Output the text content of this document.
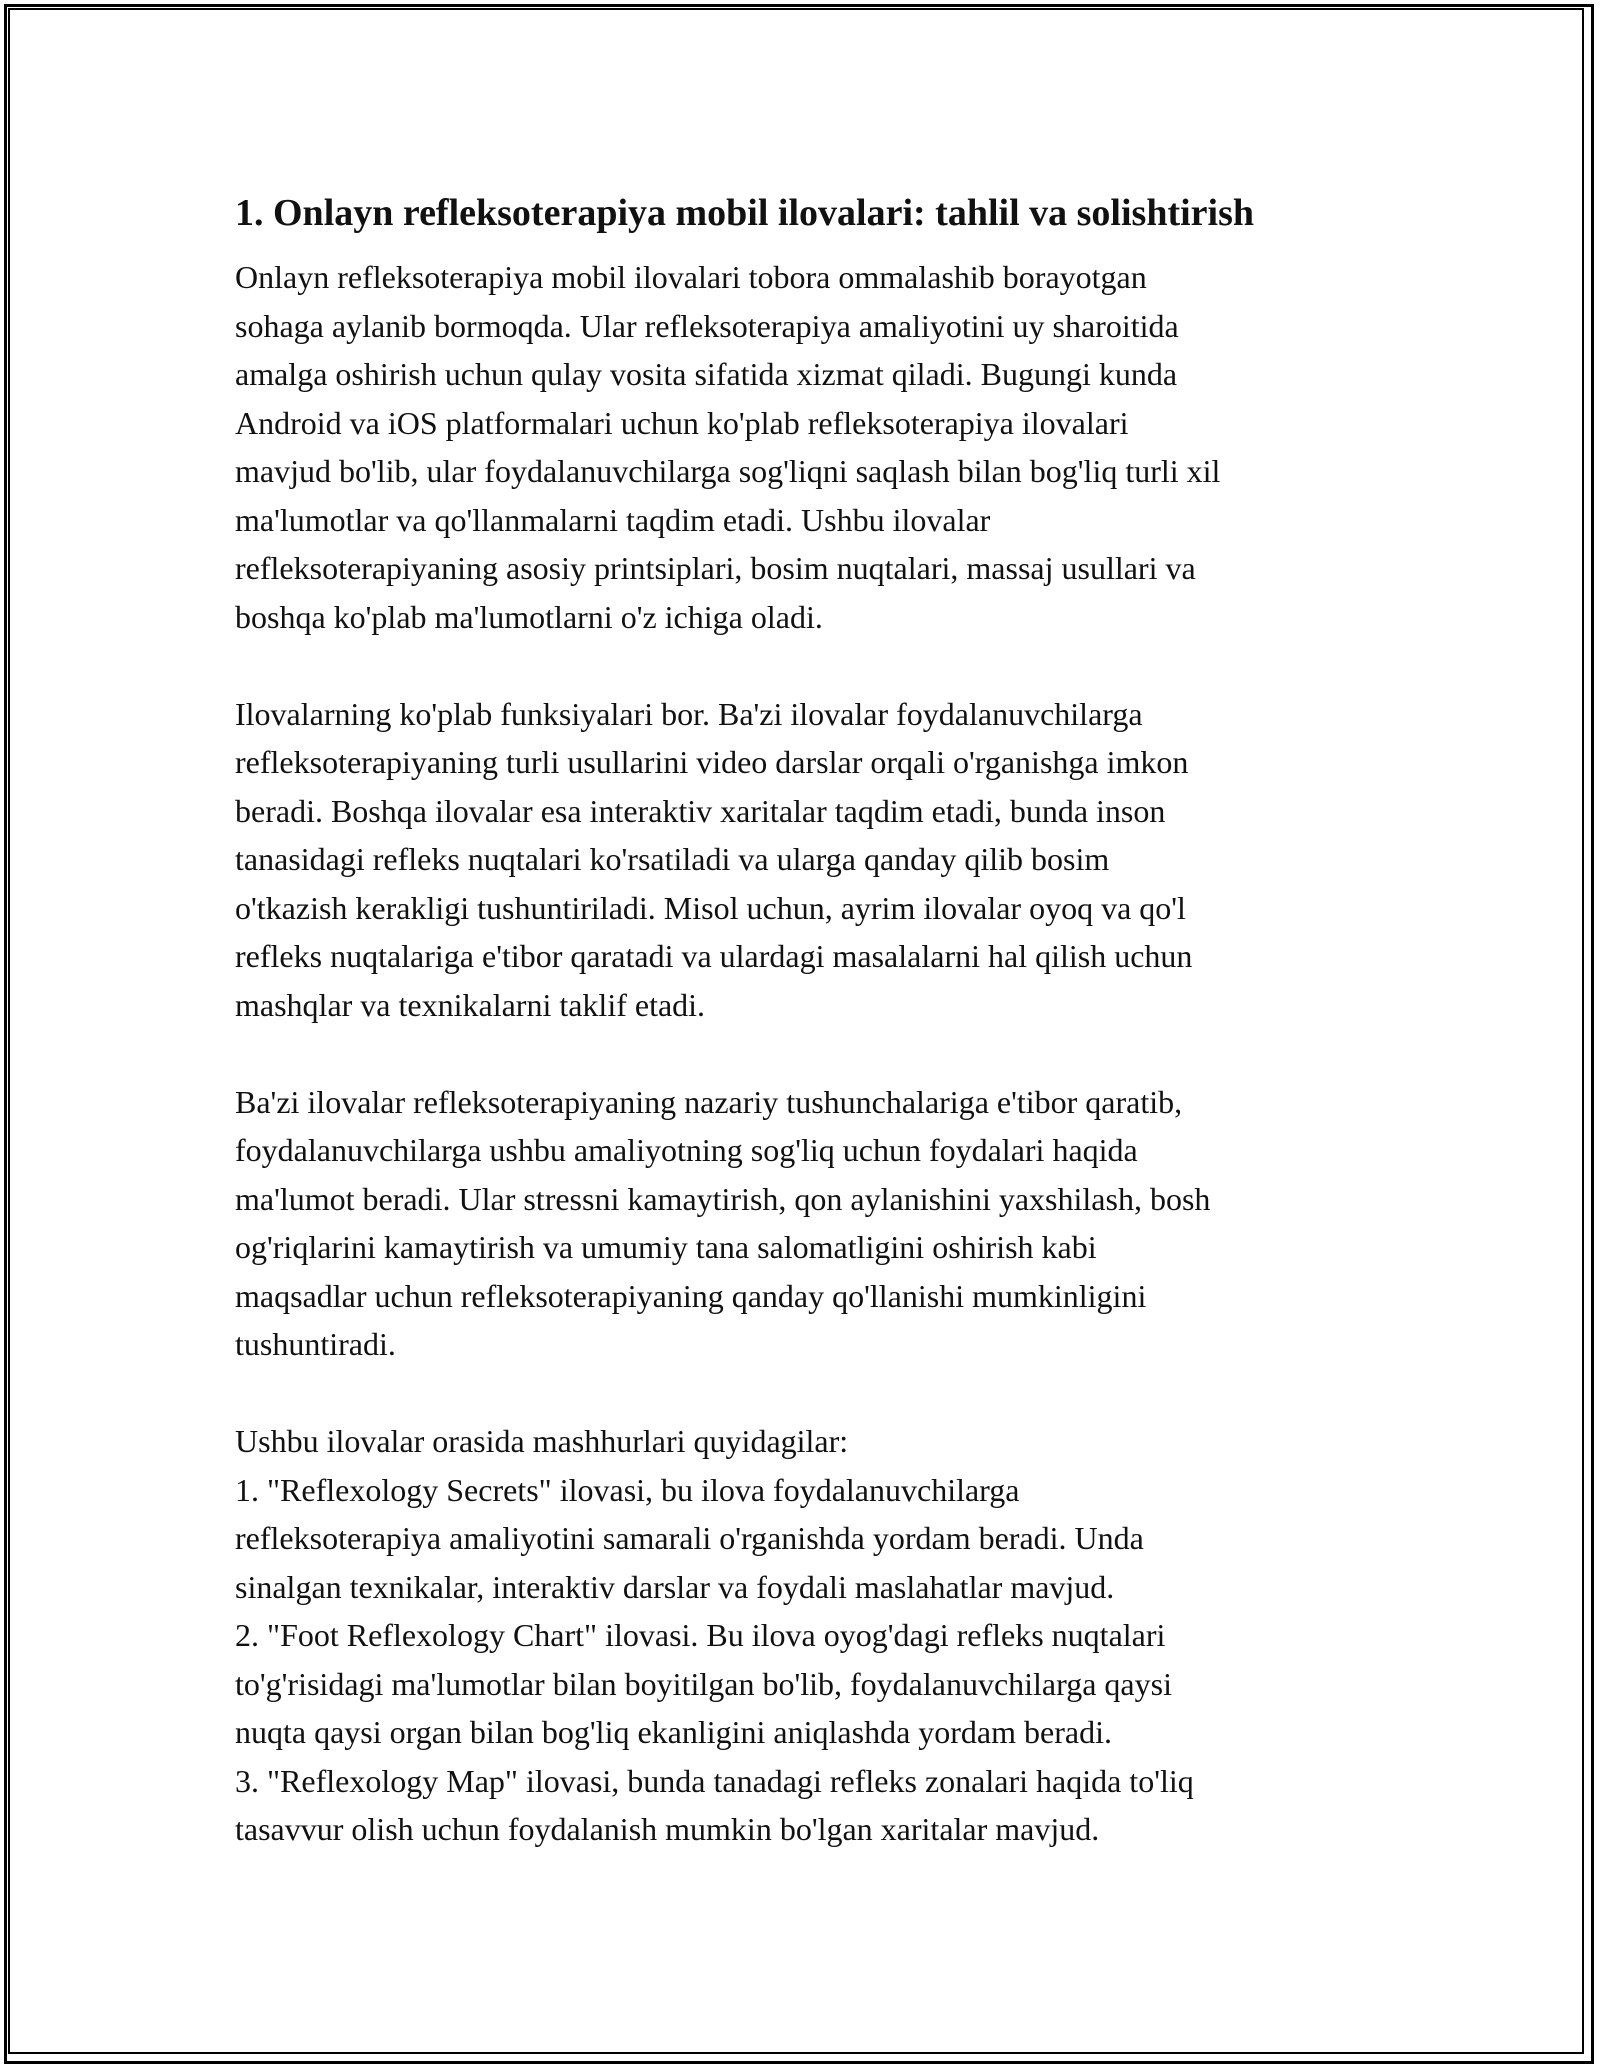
1. Onlayn refleksoterapiya mobil ilovalari: tahlil va solishtirish

Onlayn refleksoterapiya mobil ilovalari tobora ommalashib borayotgan
sohaga aylanib bormoqda. Ular refleksoterapiya amaliyotini uy sharoitida
amalga oshirish uchun qulay vosita sifatida xizmat qiladi. Bugungi kunda
Android va iOS platformalari uchun ko'plab refleksoterapiya ilovalari
mavjud bo'lib, ular foydalanuvchilarga sog'liqni saqlash bilan bog'liq turli xil
ma'lumotlar va qo'llanmalarni taqdim etadi. Ushbu ilovalar
refleksoterapiyaning asosiy printsiplari, bosim nuqtalari, massaj usullari va
boshqa ko'plab ma'lumotlarni o'z ichiga oladi.

Ilovalarning ko'plab funksiyalari bor. Ba'zi ilovalar foydalanuvchilarga
refleksoterapiyaning turli usullarini video darslar orqali o'rganishga imkon
beradi. Boshqa ilovalar esa interaktiv xaritalar taqdim etadi, bunda inson
tanasidagi refleks nuqtalari ko'rsatiladi va ularga qanday qilib bosim
o'tkazish kerakligi tushuntiriladi. Misol uchun, ayrim ilovalar oyoq va qo'l
refleks nuqtalariga e'tibor qaratadi va ulardagi masalalarni hal qilish uchun
mashqlar va texnikalarni taklif etadi.

Ba'zi ilovalar refleksoterapiyaning nazariy tushunchalariga e'tibor qaratib,
foydalanuvchilarga ushbu amaliyotning sog'liq uchun foydalari haqida
ma'lumot beradi. Ular stressni kamaytirish, qon aylanishini yaxshilash, bosh
og'riqlarini kamaytirish va umumiy tana salomatligini oshirish kabi
maqsadlar uchun refleksoterapiyaning qanday qo'llanishi mumkinligini
tushuntiradi.

Ushbu ilovalar orasida mashhurlari quyidagilar:
1. "Reflexology Secrets" ilovasi, bu ilova foydalanuvchilarga
refleksoterapiya amaliyotini samarali o'rganishda yordam beradi. Unda
sinalgan texnikalar, interaktiv darslar va foydali maslahatlar mavjud.
2. "Foot Reflexology Chart" ilovasi. Bu ilova oyog'dagi refleks nuqtalari
to'g'risidagi ma'lumotlar bilan boyitilgan bo'lib, foydalanuvchilarga qaysi
nuqta qaysi organ bilan bog'liq ekanligini aniqlashda yordam beradi.
3. "Reflexology Map" ilovasi, bunda tanadagi refleks zonalari haqida to'liq
tasavvur olish uchun foydalanish mumkin bo'lgan xaritalar mavjud.
